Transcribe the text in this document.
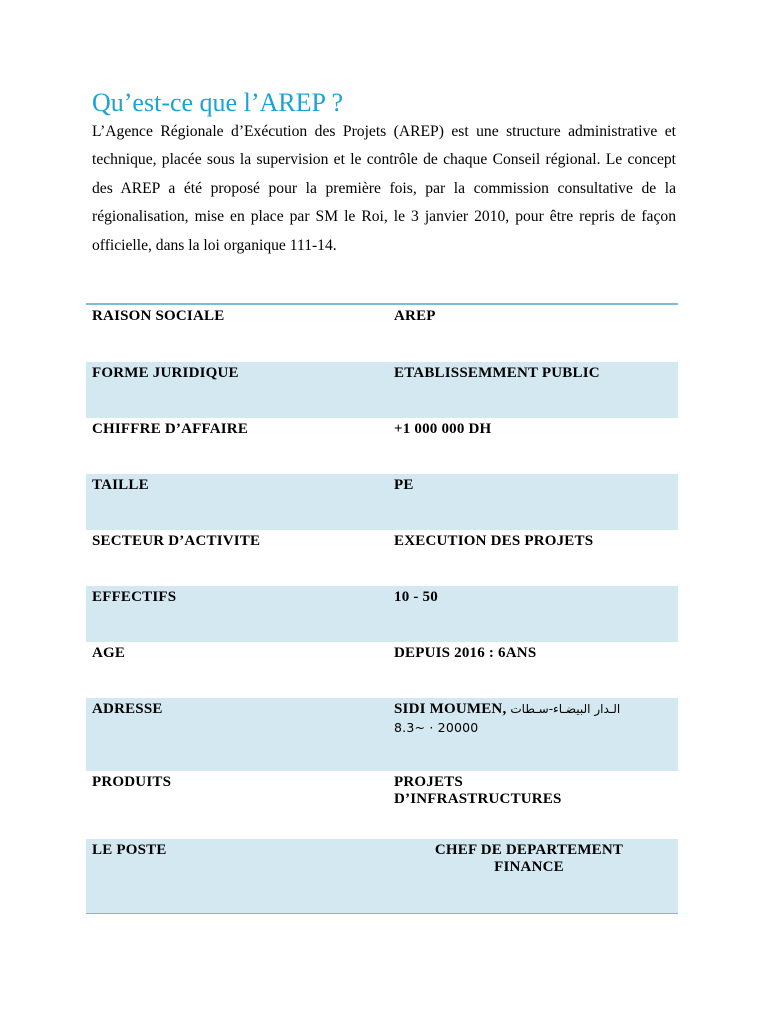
Qu’est-ce que l’AREP ?

L’Agence Régionale d’Exécution des Projets (AREP) est une structure administrative et technique, placée sous la supervision et le contrôle de chaque Conseil régional. Le concept des AREP a été proposé pour la première fois, par la commission consultative de la régionalisation, mise en place par SM le Roi, le 3 janvier 2010, pour être repris de façon officielle, dans la loi organique 111-14.

RAISON SOCIALE	AREP
FORME JURIDIQUE	ETABLISSEMMENT PUBLIC
CHIFFRE D’AFFAIRE	+1 000 000 DH
TAILLE	PE
SECTEUR D’ACTIVITE	EXECUTION DES PROJETS
EFFECTIFS	10 - 50
AGE	DEPUIS 2016 : 6ANS
ADRESSE	SIDI MOUMEN, الـدار البيضـاء-سـطات
8.3~ · 20000

PRODUITS	PROJETS
D’INFRASTRUCTURES

LE POSTE	CHEF DE DEPARTEMENT
FINANCE
